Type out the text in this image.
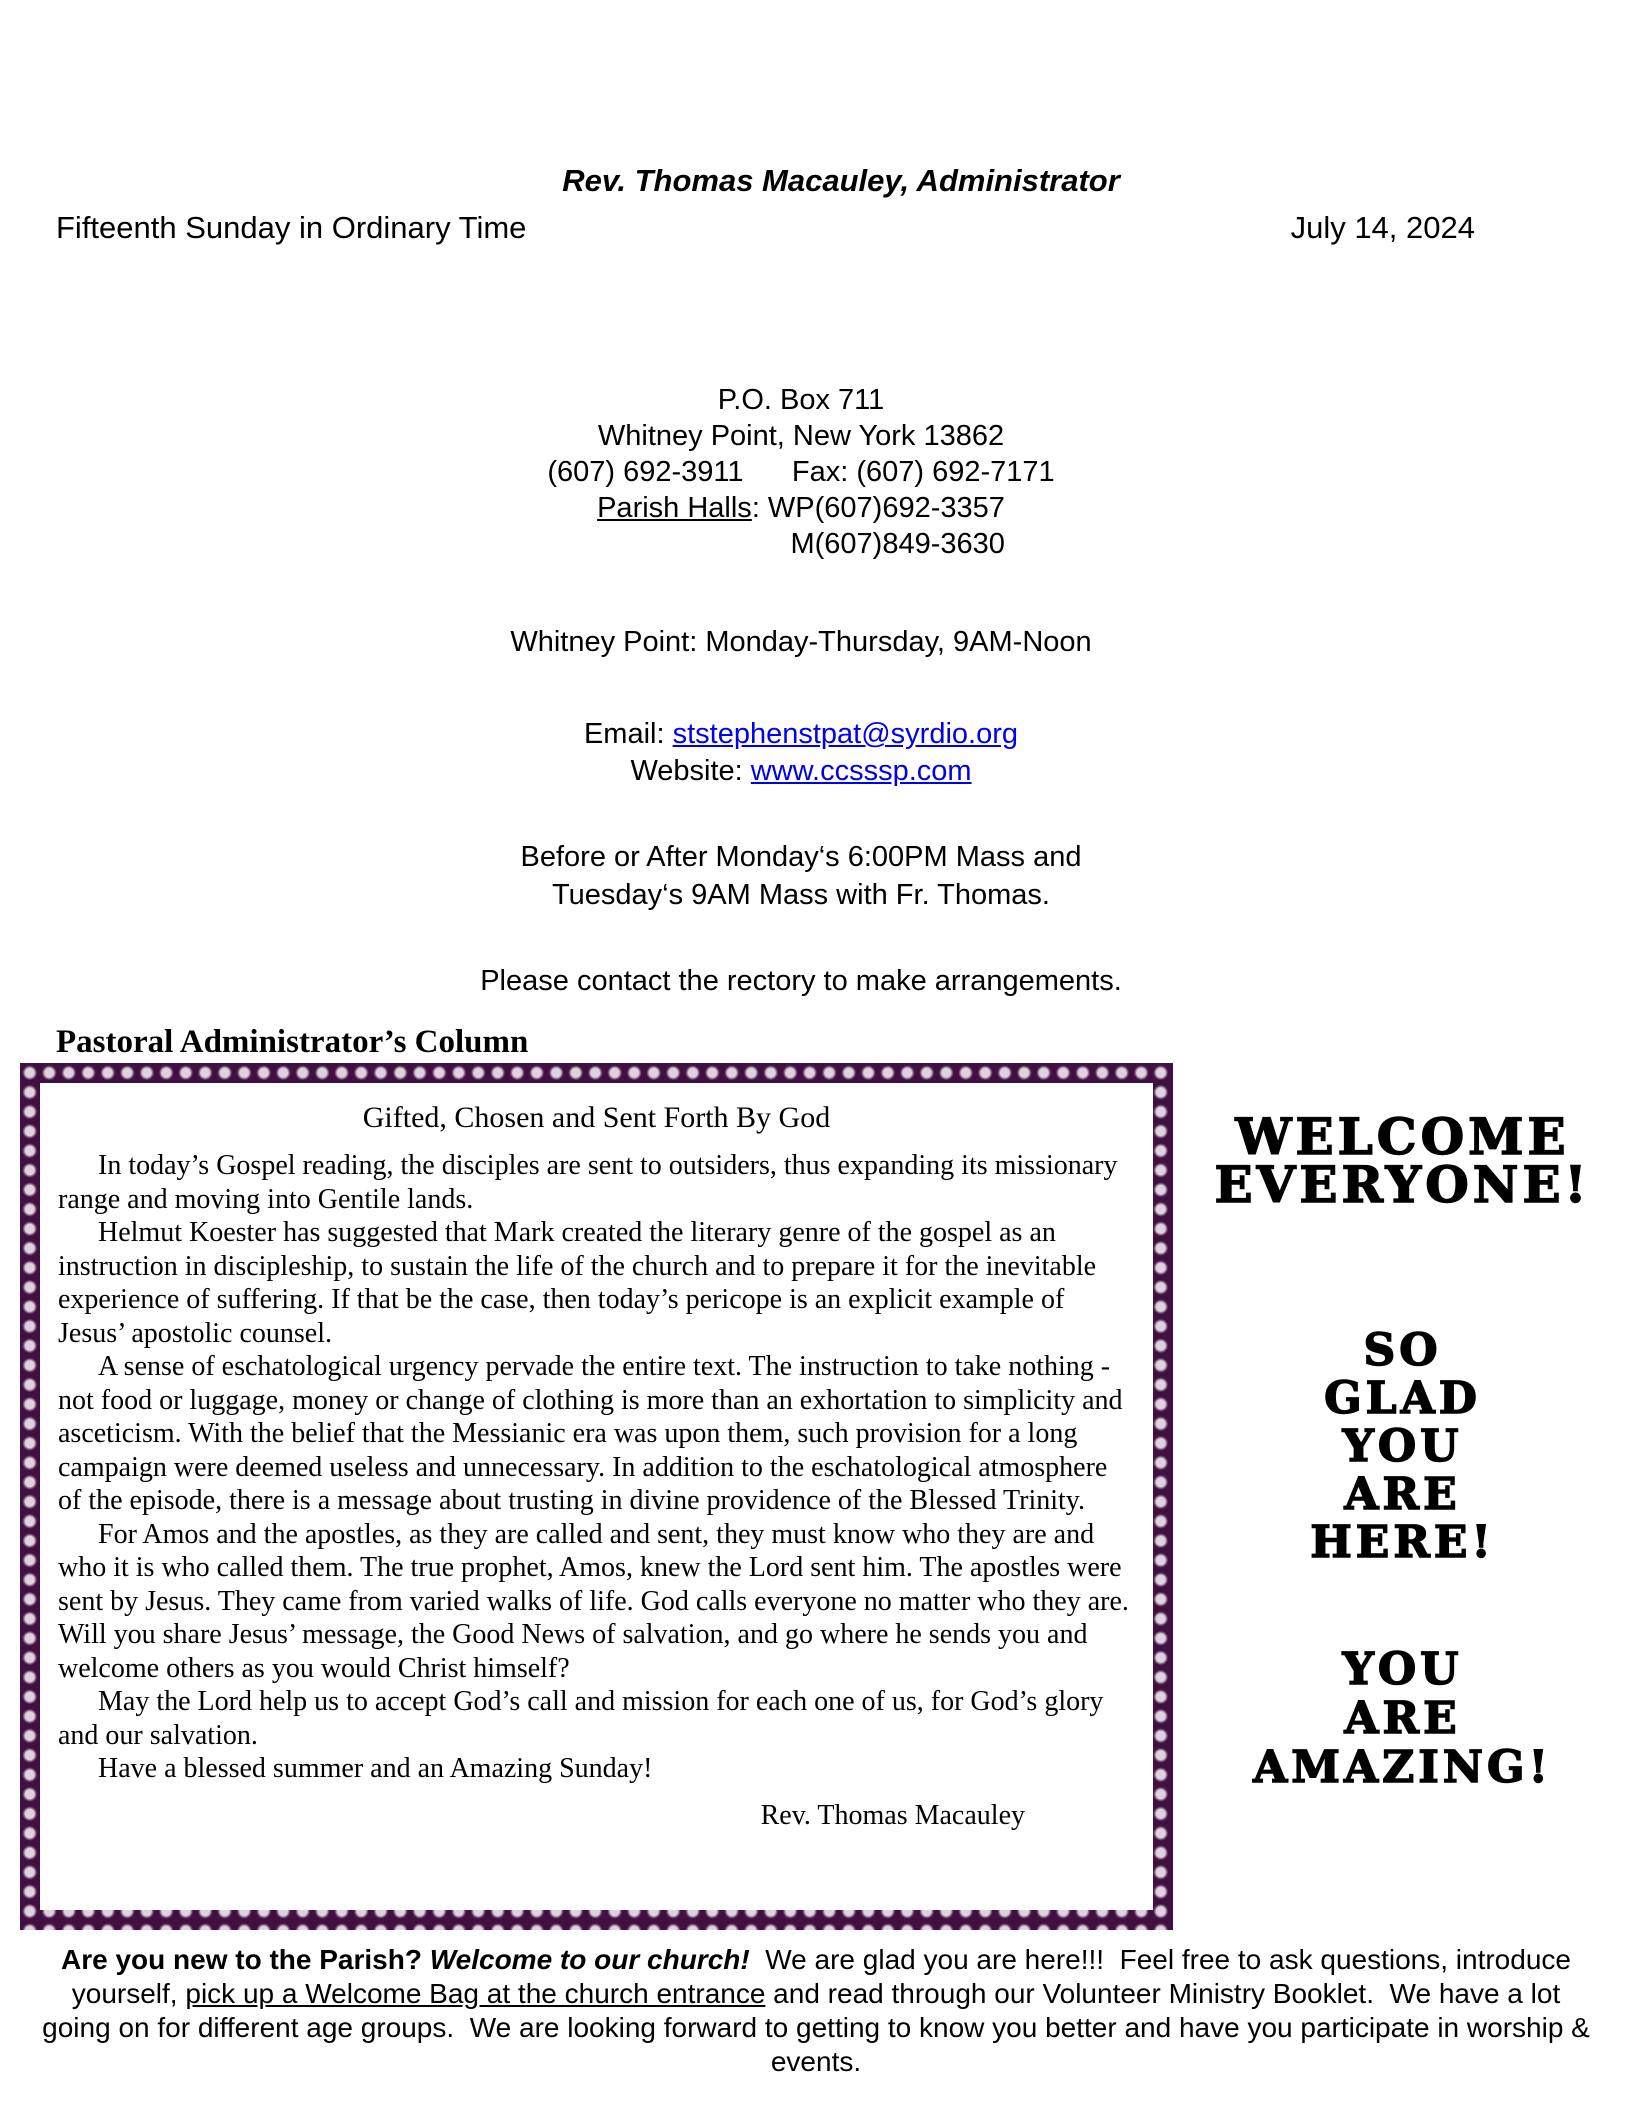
Rev. Thomas Macauley, Administrator
Fifteenth Sunday in Ordinary Time	July 14, 2024
P.O. Box 711
Whitney Point, New York 13862
(607) 692-3911      Fax: (607) 692-7171
Parish Halls: WP(607)692-3357
M(607)849-3630
Whitney Point: Monday-Thursday, 9AM-Noon
Email: ststephenstpat@syrdio.org
Website: www.ccsssp.com
Before or After Monday‘s 6:00PM Mass and
Tuesday‘s 9AM Mass with Fr. Thomas.
Please contact the rectory to make arrangements.
Pastoral Administrator’s Column
Gifted, Chosen and Sent Forth By God

In today’s Gospel reading, the disciples are sent to outsiders, thus expanding its missionary range and moving into Gentile lands.

Helmut Koester has suggested that Mark created the literary genre of the gospel as an instruction in discipleship, to sustain the life of the church and to prepare it for the inevitable experience of suffering. If that be the case, then today’s pericope is an explicit example of Jesus’ apostolic counsel.

A sense of eschatological urgency pervade the entire text. The instruction to take nothing - not food or luggage, money or change of clothing is more than an exhortation to simplicity and asceticism. With the belief that the Messianic era was upon them, such provision for a long campaign were deemed useless and unnecessary. In addition to the eschatological atmosphere of the episode, there is a message about trusting in divine providence of the Blessed Trinity.

For Amos and the apostles, as they are called and sent, they must know who they are and who it is who called them. The true prophet, Amos, knew the Lord sent him. The apostles were sent by Jesus. They came from varied walks of life. God calls everyone no matter who they are. Will you share Jesus’ message, the Good News of salvation, and go where he sends you and welcome others as you would Christ himself?

May the Lord help us to accept God’s call and mission for each one of us, for God’s glory and our salvation.

Have a blessed summer and an Amazing Sunday!

Rev. Thomas Macauley
WELCOME
EVERYONE!
SO
GLAD
YOU
ARE
HERE!
YOU
ARE
AMAZING!
Are you new to the Parish? Welcome to our church!  We are glad you are here!!!  Feel free to ask questions, introduce yourself, pick up a Welcome Bag at the church entrance and read through our Volunteer Ministry Booklet.  We have a lot going on for different age groups.  We are looking forward to getting to know you better and have you participate in worship & events.
